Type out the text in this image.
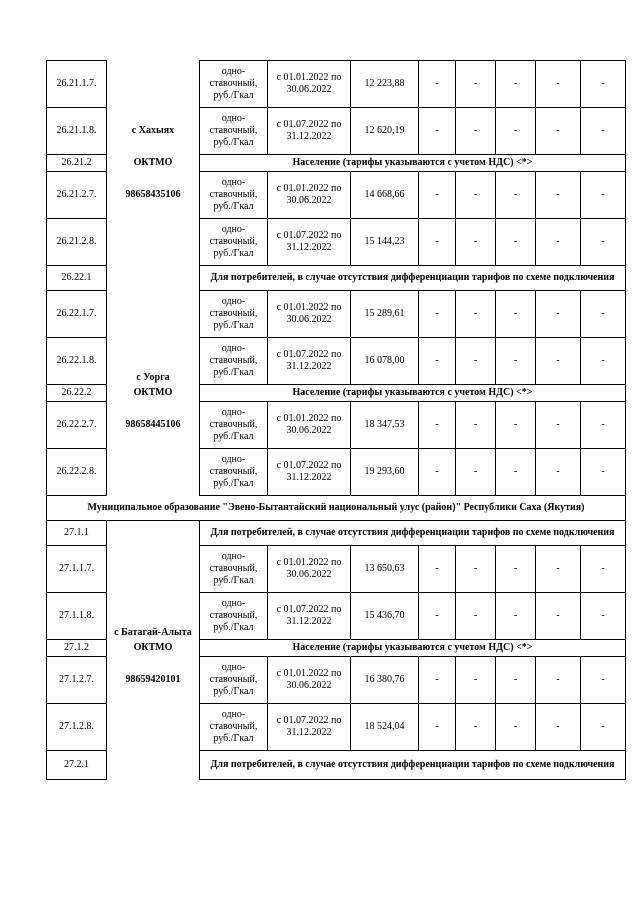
26.21.1.7.		одно-ставочный, руб./Гкал	с 01.01.2022 по 30.06.2022	12 223,88	-	-	-	-	-
26.21.1.8.	с Хахыях	одно-ставочный, руб./Гкал	с 01.07.2022 по 31.12.2022	12 620,19	-	-	-	-	-
26.21.2	ОКТМО	Население (тарифы указываются с учетом НДС) <*>							
26.21.2.7.	98658435106	одно-ставочный, руб./Гкал	с 01.01.2022 по 30.06.2022	14 668,66	-	-	-	-	-
26.21.2.8.		одно-ставочный, руб./Гкал	с 01.07.2022 по 31.12.2022	15 144,23	-	-	-	-	-
26.22.1		Для потребителей, в случае отсутствия дифференциации тарифов по схеме подключения							
26.22.1.7.		одно-ставочный, руб./Гкал	с 01.01.2022 по 30.06.2022	15 289,61	-	-	-	-	-
26.22.1.8.	с Уорга	одно-ставочный, руб./Гкал	с 01.07.2022 по 31.12.2022	16 078,00	-	-	-	-	-
26.22.2	ОКТМО	Население (тарифы указываются с учетом НДС) <*>							
26.22.2.7.	98658445106	одно-ставочный, руб./Гкал	с 01.01.2022 по 30.06.2022	18 347,53	-	-	-	-	-
26.22.2.8.		одно-ставочный, руб./Гкал	с 01.07.2022 по 31.12.2022	19 293,60	-	-	-	-	-
Муниципальное образование "Эвено-Бытантайский национальный улус (район)" Республики Саха (Якутия)									
27.1.1		Для потребителей, в случае отсутствия дифференциации тарифов по схеме подключения							
27.1.1.7.		одно-ставочный, руб./Гкал	с 01.01.2022 по 30.06.2022	13 650,63	-	-	-	-	-
27.1.1.8.	с Батагай-Алыта	одно-ставочный, руб./Гкал	с 01.07.2022 по 31.12.2022	15 436,70	-	-	-	-	-
27.1.2	ОКТМО	Население (тарифы указываются с учетом НДС) <*>							
27.1.2.7.	98659420101	одно-ставочный, руб./Гкал	с 01.01.2022 по 30.06.2022	16 380,76	-	-	-	-	-
27.1.2.8.		одно-ставочный, руб./Гкал	с 01.07.2022 по 31.12.2022	18 524,04	-	-	-	-	-
27.2.1		Для потребителей, в случае отсутствия дифференциации тарифов по схеме подключения							
